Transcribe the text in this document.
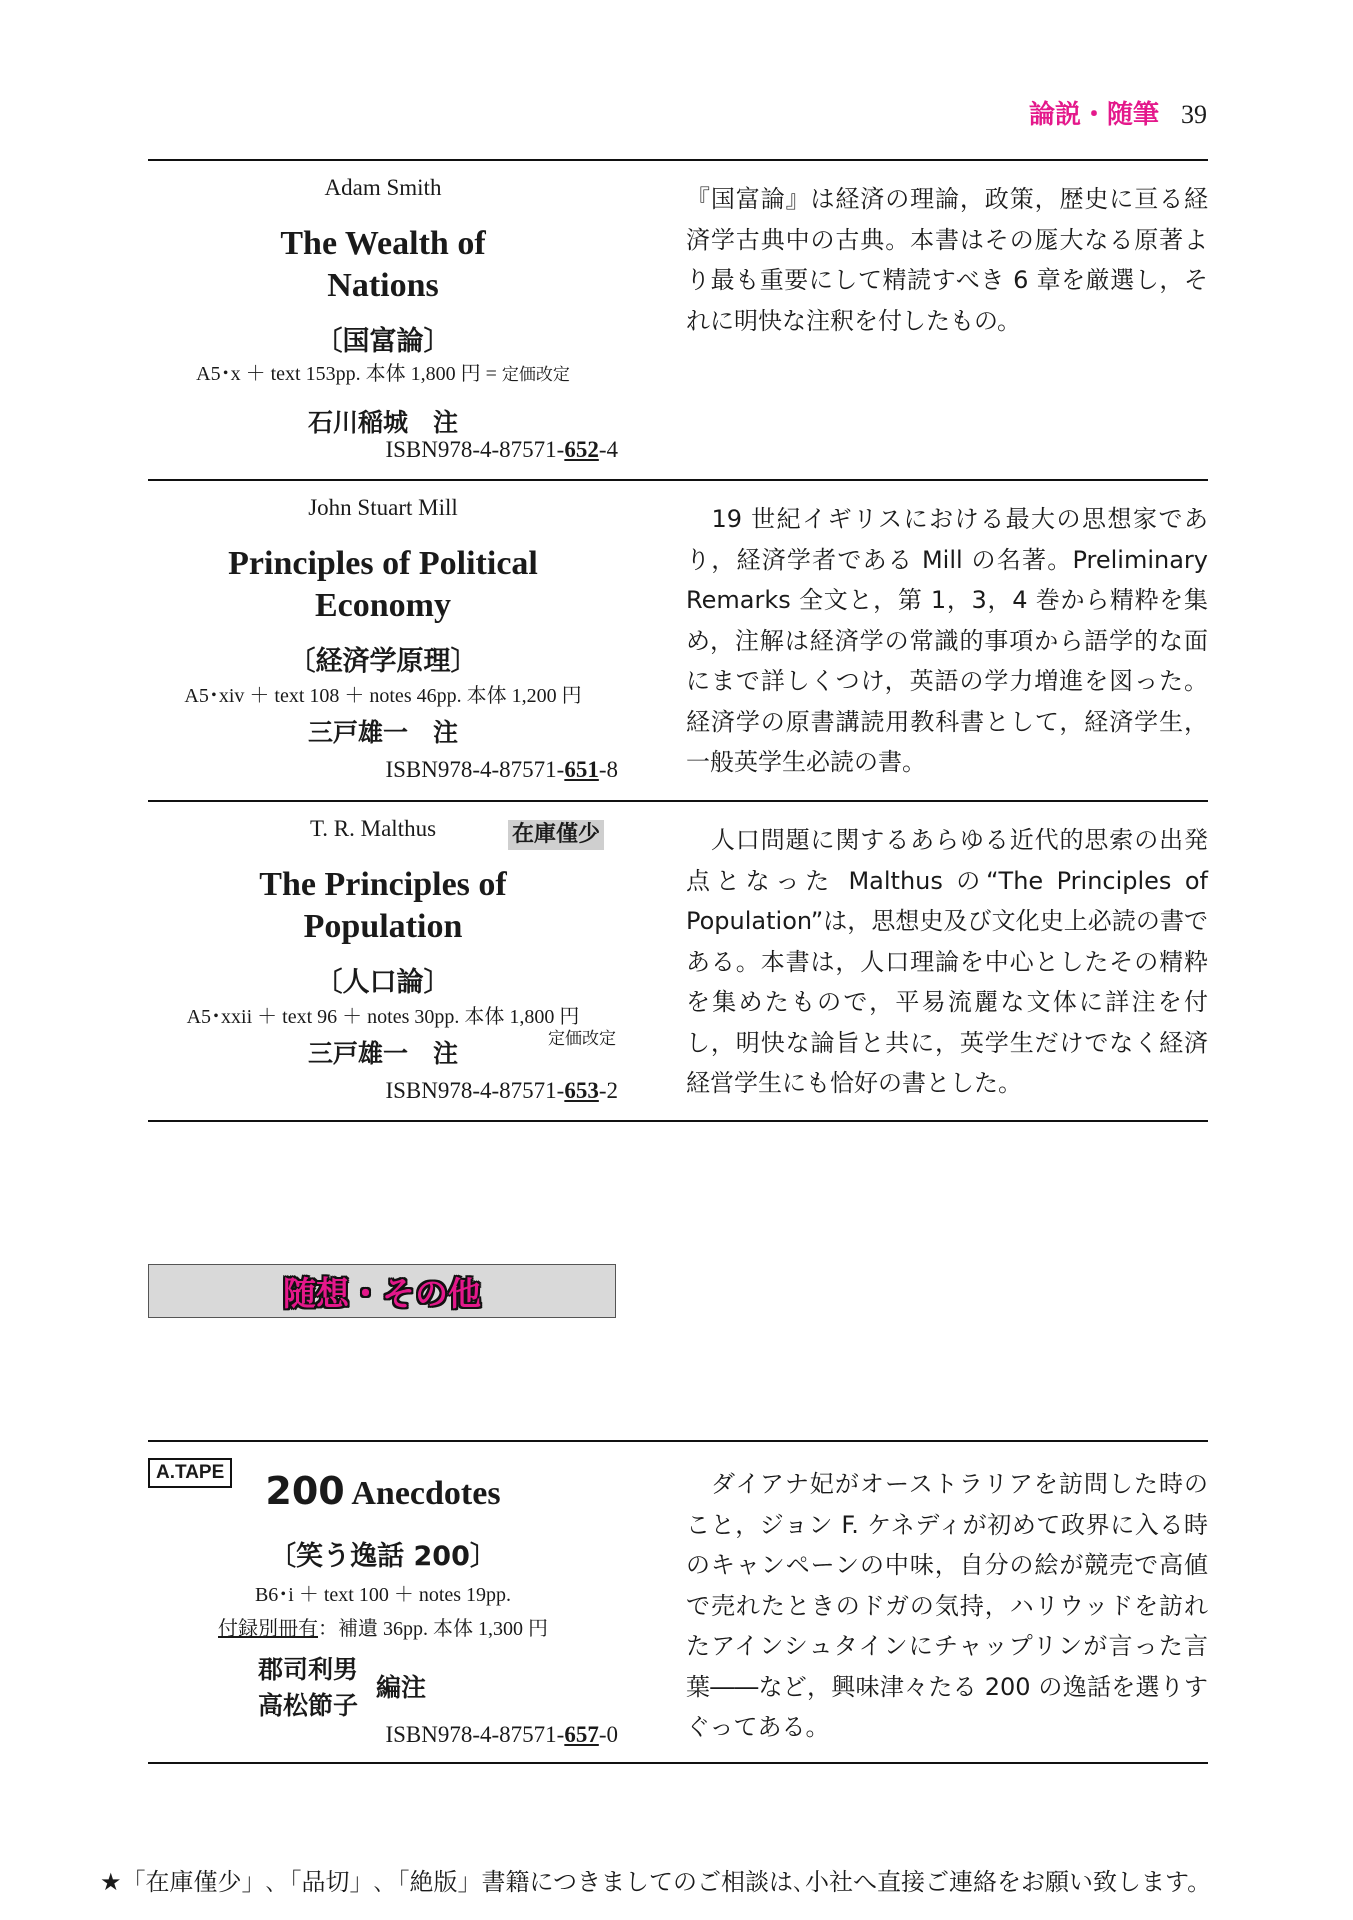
論説・随筆 39
Adam Smith
The Wealth of
Nations
〔国富論〕
A5･x ＋ text 153pp. 本体 1,800 円 = 定価改定
石川稲城　注
ISBN978-4-87571-652-4
『国富論』は経済の理論，政策，歴史に亘る経済学古典中の古典。本書はその厖大なる原著より最も重要にして精読すべき 6 章を厳選し，それに明快な注釈を付したもの。
John Stuart Mill
Principles of Political
Economy
〔経済学原理〕
A5･xiv ＋ text 108 ＋ notes 46pp. 本体 1,200 円
三戸雄一　注
ISBN978-4-87571-651-8
　19 世紀イギリスにおける最大の思想家であり，経済学者である Mill の名著。Preliminary Remarks 全文と，第 1，3，4 巻から精粋を集め，注解は経済学の常識的事項から語学的な面にまで詳しくつけ，英語の学力増進を図った。経済学の原書講読用教科書として，経済学生，一般英学生必読の書。
T. R. Malthus	在庫僅少
The Principles of
Population
〔人口論〕
A5･xxii ＋ text 96 ＋ notes 30pp. 本体 1,800 円
定価改定
三戸雄一　注
ISBN978-4-87571-653-2
　人口問題に関するあらゆる近代的思索の出発点となった Malthus の“The Principles of Population”は，思想史及び文化史上必読の書である。本書は，人口理論を中心としたその精粋を集めたもので，平易流麗な文体に詳注を付し，明快な論旨と共に，英学生だけでなく経済経営学生にも恰好の書とした。
随想・その他
A.TAPE	200 Anecdotes
〔笑う逸話 200〕
B6･i ＋ text 100 ＋ notes 19pp.
付録別冊有：補遺 36pp. 本体 1,300 円
郡司利男
高松節子
編注
ISBN978-4-87571-657-0
　ダイアナ妃がオーストラリアを訪問した時のこと，ジョン F. ケネディが初めて政界に入る時のキャンペーンの中味，自分の絵が競売で高値で売れたときのドガの気持，ハリウッドを訪れたアインシュタインにチャップリンが言った言葉――など，興味津々たる 200 の逸話を選りすぐってある。
★「在庫僅少」､「品切」､「絶版」書籍につきましてのご相談は､小社へ直接ご連絡をお願い致します。
